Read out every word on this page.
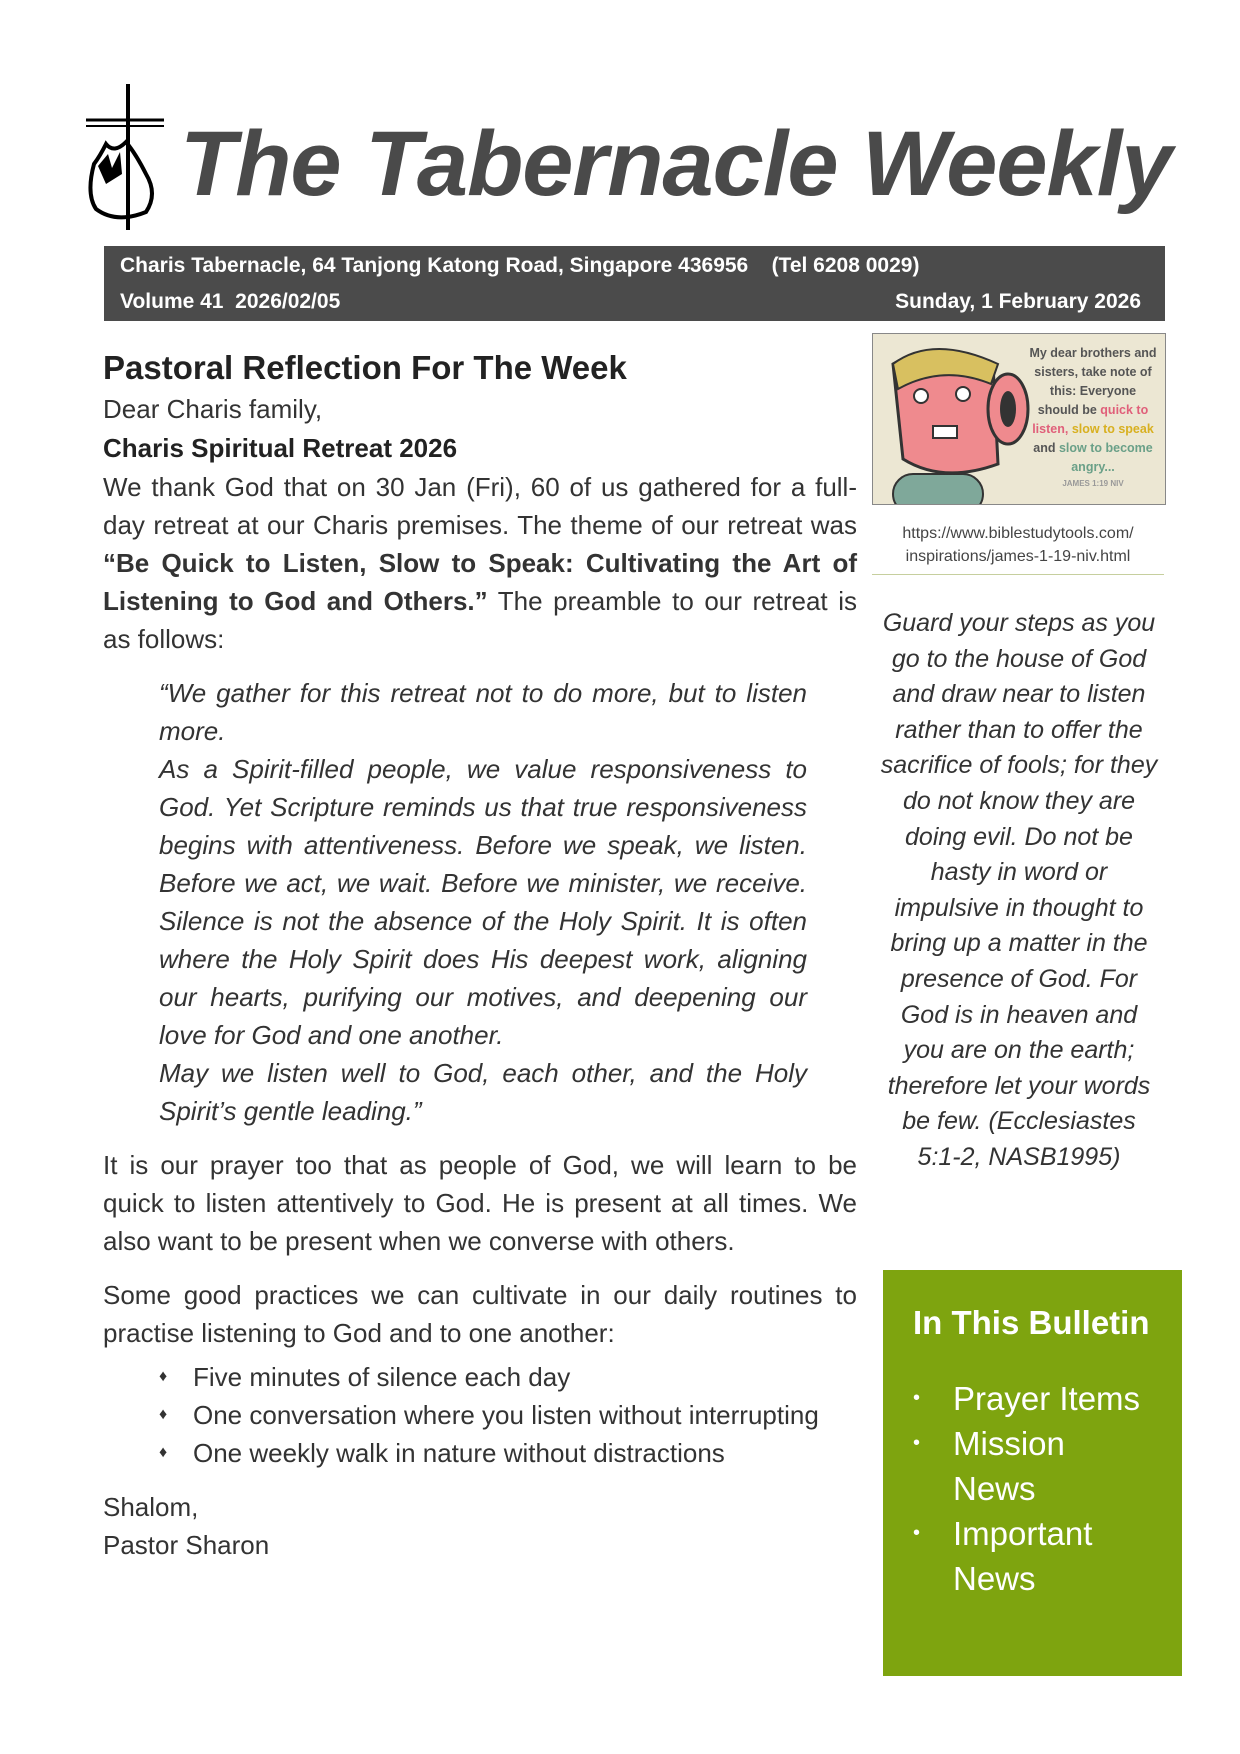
The Tabernacle Weekly
Charis Tabernacle, 64 Tanjong Katong Road, Singapore 436956    (Tel 6208 0029)
Volume 41  2026/02/05	Sunday, 1 February 2026
Pastoral Reflection For The Week
Dear Charis family,
Charis Spiritual Retreat 2026

We thank God that on 30 Jan (Fri), 60 of us gathered for a full-day retreat at our Charis premises. The theme of our retreat was “Be Quick to Listen, Slow to Speak: Cultivating the Art of Listening to God and Others.” The preamble to our retreat is as follows:

“We gather for this retreat not to do more, but to listen more.
As a Spirit-filled people, we value responsiveness to God. Yet Scripture reminds us that true responsiveness begins with attentiveness. Before we speak, we listen. Before we act, we wait. Before we minister, we receive. Silence is not the absence of the Holy Spirit. It is often where the Holy Spirit does His deepest work, aligning our hearts, purifying our motives, and deepening our love for God and one another.
May we listen well to God, each other, and the Holy Spirit’s gentle leading.”

It is our prayer too that as people of God, we will learn to be quick to listen attentively to God. He is present at all times. We also want to be present when we converse with others.

Some good practices we can cultivate in our daily routines to practise listening to God and to one another:

♦ Five minutes of silence each day
♦ One conversation where you listen without interrupting
♦ One weekly walk in nature without distractions
Shalom,
Pastor Sharon
My dear brothers and sisters, take note of this: Everyone should be quick to listen, slow to speak and slow to become angry...
JAMES 1:19 NIV
https://www.biblestudytools.com/ inspirations/james-1-19-niv.html
Guard your steps as you go to the house of God and draw near to listen rather than to offer the sacrifice of fools; for they do not know they are doing evil. Do not be hasty in word or impulsive in thought to bring up a matter in the presence of God. For God is in heaven and you are on the earth; therefore let your words be few. (Ecclesiastes 5:1-2, NASB1995)
In This Bulletin
• Prayer Items
• Mission News
• Important News
